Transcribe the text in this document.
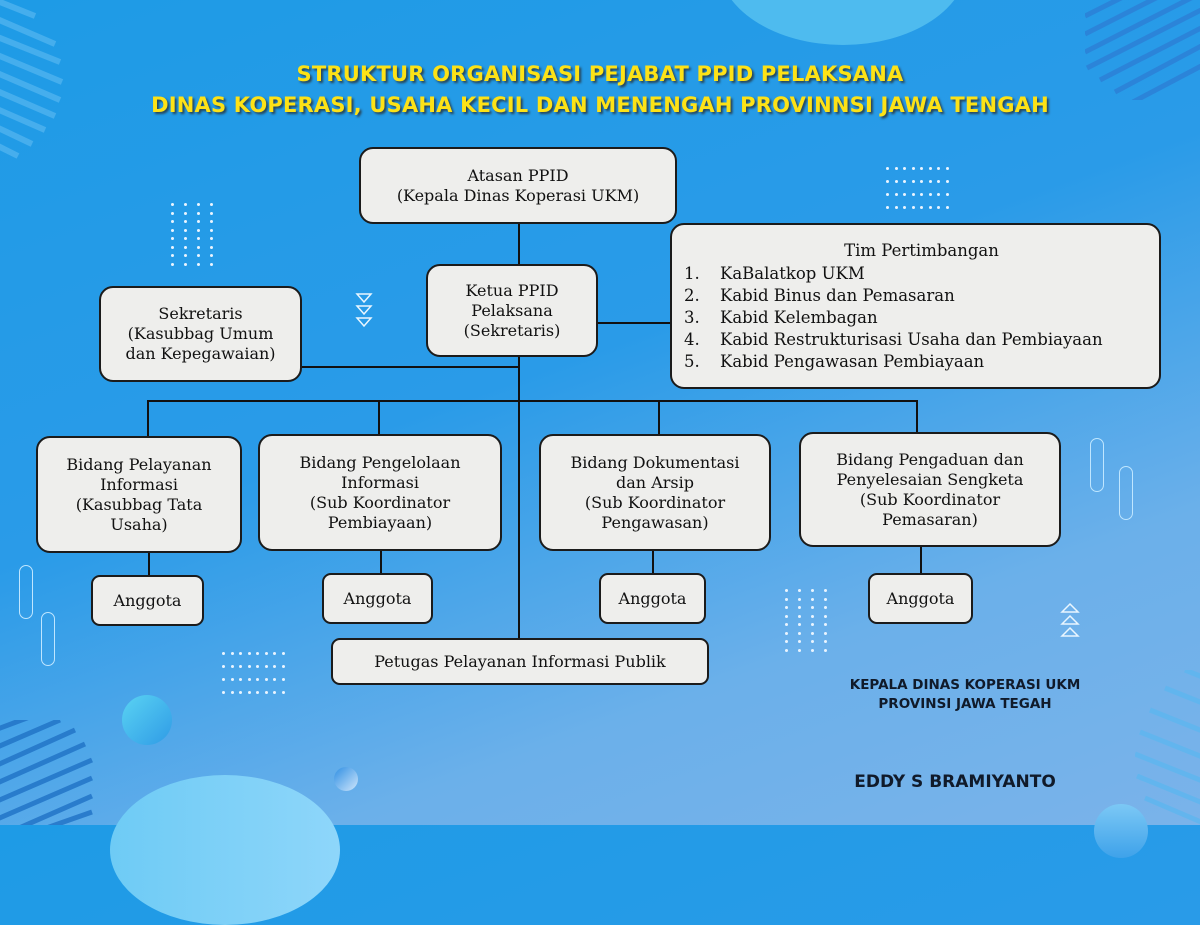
STRUKTUR ORGANISASI PEJABAT PPID PELAKSANA
DINAS KOPERASI, USAHA KECIL DAN MENENGAH PROVINNSI JAWA TENGAH
Atasan PPID
(Kepala Dinas Koperasi UKM)
Ketua PPID
Pelaksana
(Sekretaris)
Sekretaris
(Kasubbag Umum
dan Kepegawaian)
Tim Pertimbangan
1.	KaBalatkop UKM
2.	Kabid Binus dan Pemasaran
3.	Kabid Kelembagan
4.	Kabid Restrukturisasi Usaha dan Pembiayaan
5.	Kabid Pengawasan Pembiayaan
Bidang Pelayanan
Informasi
(Kasubbag Tata
Usaha)
Bidang Pengelolaan
Informasi
(Sub Koordinator
Pembiayaan)
Bidang Dokumentasi
dan Arsip
(Sub Koordinator
Pengawasan)
Bidang Pengaduan dan
Penyelesaian Sengketa
(Sub Koordinator
Pemasaran)
Anggota	Anggota	Anggota	Anggota
Petugas Pelayanan Informasi Publik
KEPALA DINAS KOPERASI UKM
PROVINSI JAWA TEGAH
EDDY S BRAMIYANTO
